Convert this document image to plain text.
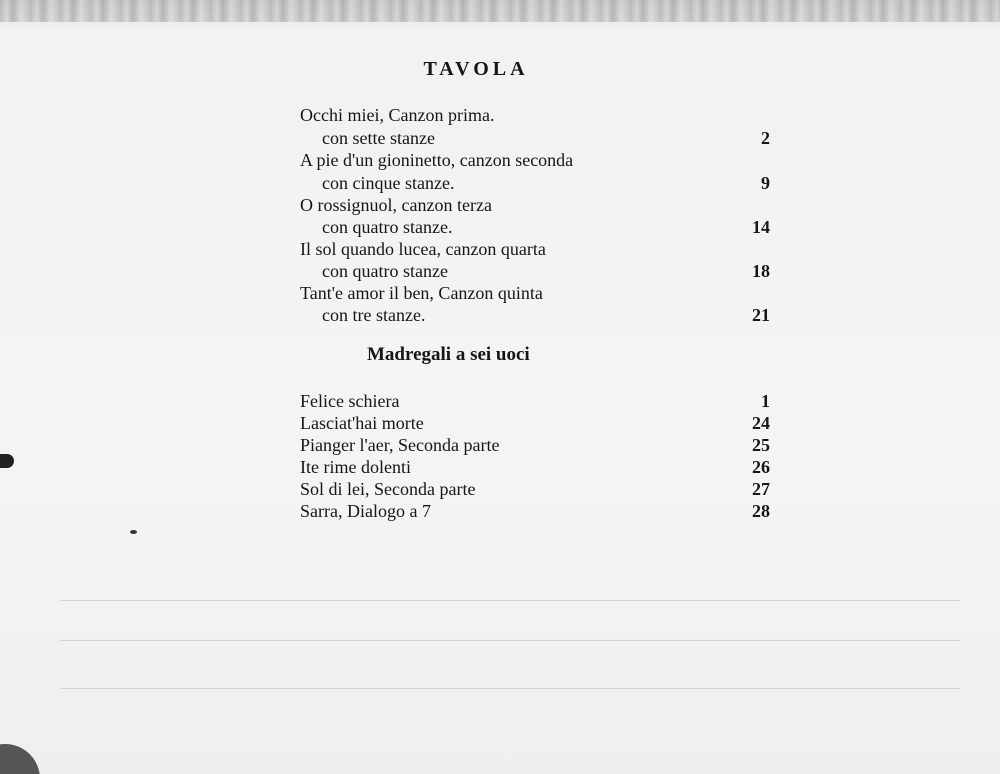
TAVOLA
Occhi miei, Canzon prima.
con sette stanze	2
A pie d'un gioninetto, canzon seconda
con cinque stanze.	9
O rossignuol, canzon terza
con quatro stanze.	14
Il sol quando lucea, canzon quarta
con quatro stanze	18
Tant'e amor il ben, Canzon quinta
con tre stanze.	21
Madregali a sei uoci
Felice schiera	1
Lasciat'hai morte	24
Pianger l'aer, Seconda parte	25
Ite rime dolenti	26
Sol di lei, Seconda parte	27
Sarra, Dialogo a 7	28
